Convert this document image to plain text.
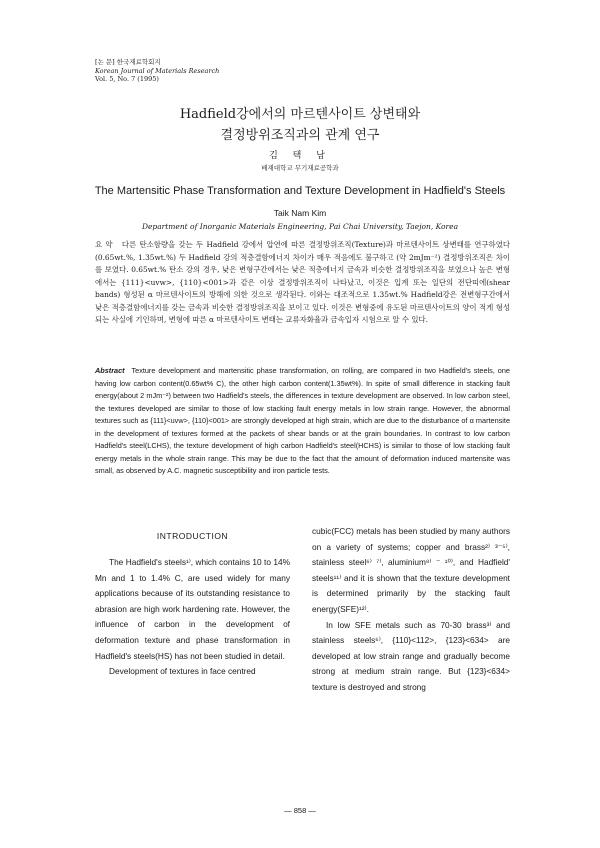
[논 문] 한국재료학회지
Korean Journal of Materials Research
Vol. 5, No. 7 (1995)
Hadfield강에서의 마르텐사이트 상변태와
결정방위조직과의 관계 연구
김 택 남
배재대학교 무기재료공학과
The Martensitic Phase Transformation and Texture Development in Hadfield's Steels
Taik Nam Kim
Department of Inorganic Materials Engineering, Pai Chai University, Taejon, Korea
요 약 다른 탄소함량을 갖는 두 Hadfield 강에서 압연에 따른 결정방위조직(Texture)과 마르텐사이트 상변태를 연구하였다(0.65wt.%, 1.35wt.%) 두 Hadfield 강의 적층결함에너지 차이가 매우 적음에도 불구하고 (약 2mJm⁻²) 결정방위조직은 차이를 보였다. 0.65wt.% 탄소 강의 경우, 낮은 변형구간에서는 낮은 적층에너지 금속과 비슷한 결정방위조직을 보였으나 높은 변형에서는 {111}<uvw>, {110}<001>과 같은 이상 결정방위조직이 나타났고, 이것은 입계 또는 일단의 전단띠에(shear bands) 형성된 α 마르텐사이트의 방해에 의한 것으로 생각된다. 이와는 대조적으로 1.35wt.% Hadfield강은 전변형구간에서 낮은 적층결함에너지를 갖는 금속과 비슷한 결정방위조직을 보이고 있다. 이것은 변형중에 유도된 마르텐사이트의 양이 적게 형성되는 사실에 기인하며, 변형에 따른 α 마르텐사이트 변태는 교류자화율과 금속입자 시험으로 알 수 있다.
Abstract Texture development and martensitic phase transformation, on rolling, are compared in two Hadfield's steels, one having low carbon content(0.65wt% C), the other high carbon content(1.35wt%). In spite of small difference in stacking fault energy(about 2 mJm⁻²) between two Hadfield's steels, the differences in texture development are observed. In low carbon steel, the textures developed are similar to those of low stacking fault energy metals in low strain range. However, the abnormal textures such as {111}<uvw>, {110}<001> are strongly developed at high strain, which are due to the disturbance of α martensite in the development of textures formed at the packets of shear bands or at the grain boundaries. In contrast to low carbon Hadfield's steel(LCHS), the texture development of high carbon Hadfield's steel(HCHS) is similar to those of low stacking fault energy metals in the whole strain range. This may be due to the fact that the amount of deformation induced martensite was small, as observed by A.C. magnetic susceptibility and iron particle tests.
INTRODUCTION

The Hadfield's steels¹⁾, which contains 10 to 14% Mn and 1 to 1.4% C, are used widely for many applications because of its outstanding resistance to abrasion are high work hardening rate. However, the influence of carbon in the development of deformation texture and phase transformation in Hadfield's steels(HS) has not been studied in detail.

Development of textures in face centred

cubic(FCC) metals has been studied by many authors on a variety of systems; copper and brass²⁾ ³⁻⁵⁾, stainless steel⁶⁾ ⁷⁾, aluminium⁸⁾ ⁻ ¹⁰⁾, and Hadfield' steels¹¹⁾ and it is shown that the texture development is determined primarily by the stacking fault energy(SFE)¹²⁾.

In low SFE metals such as 70-30 brass³⁾ and stainless steels⁶⁾, {110}<112>, {123}<634> are developed at low strain range and gradually become strong at medium strain range. But {123}<634> texture is destroyed and strong

— 858 —
